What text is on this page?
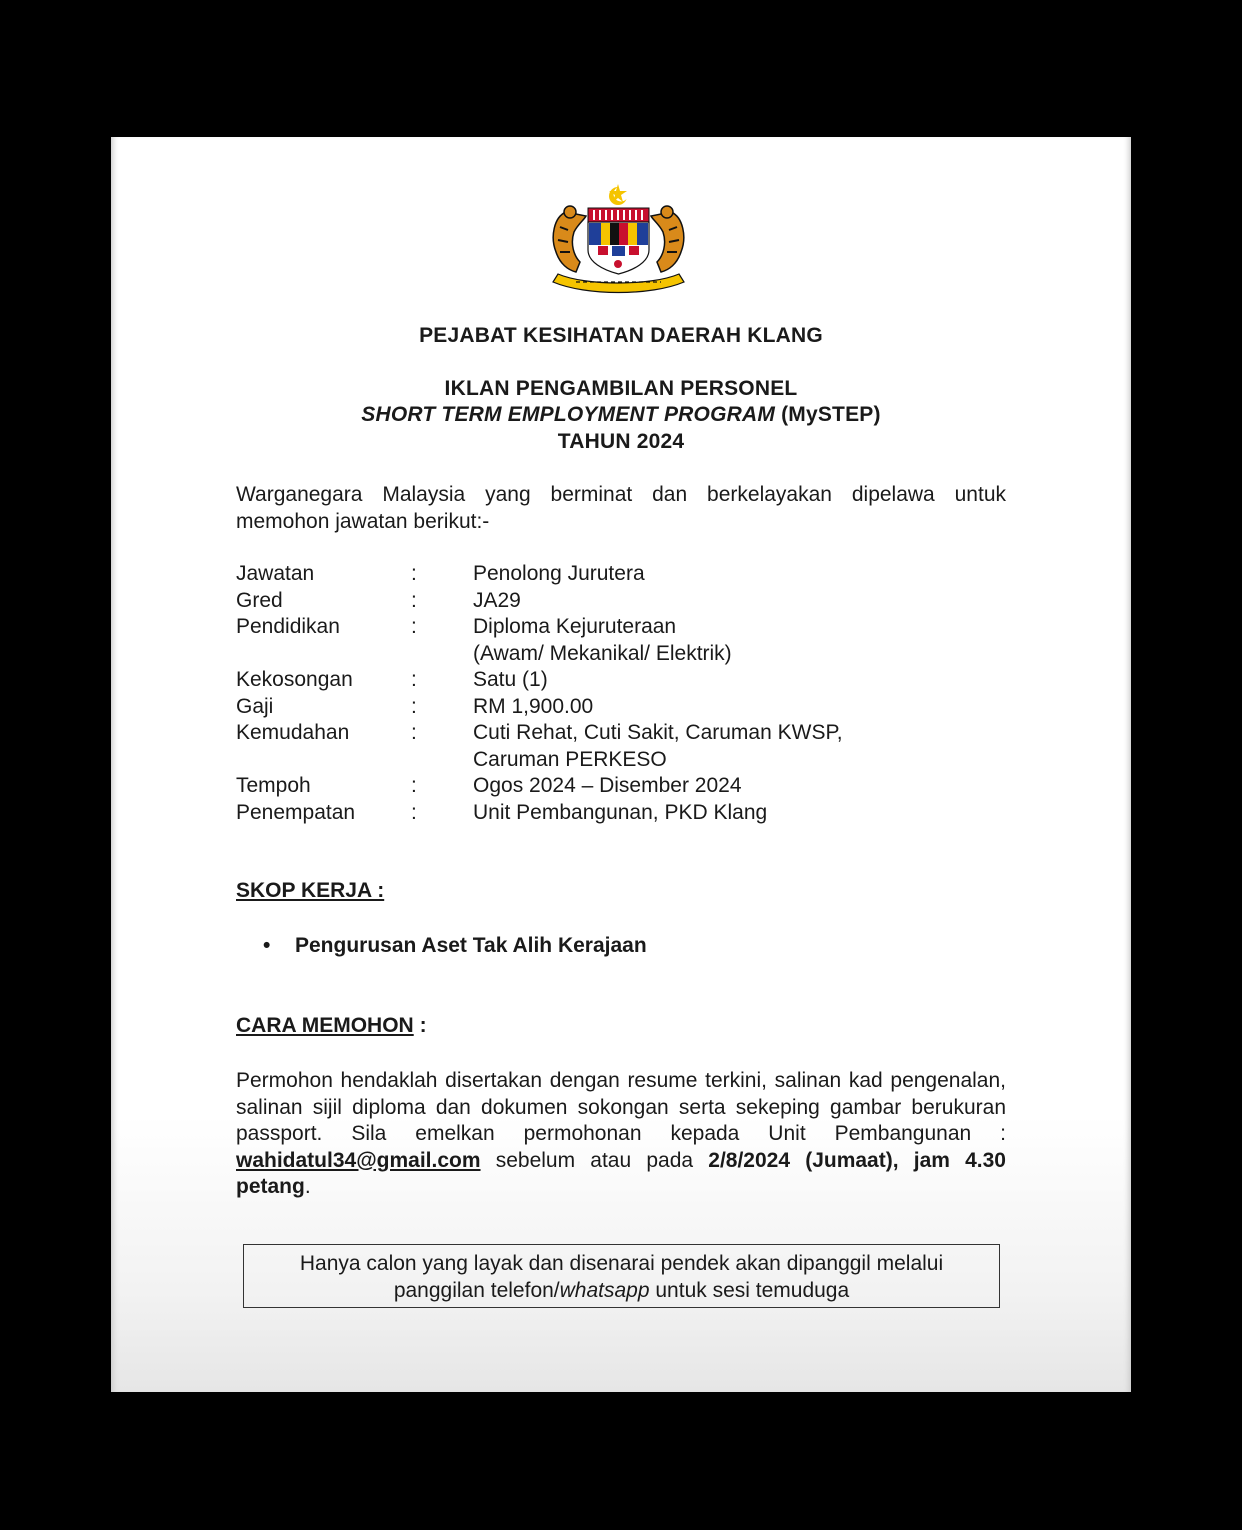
PEJABAT KESIHATAN DAERAH KLANG
IKLAN PENGAMBILAN PERSONEL
SHORT TERM EMPLOYMENT PROGRAM (MySTEP)
TAHUN 2024
Warganegara Malaysia yang berminat dan berkelayakan dipelawa untuk memohon jawatan berikut:-
Jawatan	:	Penolong Jurutera
Gred	:	JA29
Pendidikan	:	Diploma Kejuruteraan
(Awam/ Mekanikal/ Elektrik)
Kekosongan	:	Satu (1)
Gaji	:	RM 1,900.00
Kemudahan	:	Cuti Rehat, Cuti Sakit, Caruman KWSP,
Caruman PERKESO
Tempoh	:	Ogos 2024 – Disember 2024
Penempatan	:	Unit Pembangunan, PKD Klang
SKOP KERJA :
•	Pengurusan Aset Tak Alih Kerajaan
CARA MEMOHON :
Permohon hendaklah disertakan dengan resume terkini, salinan kad pengenalan, salinan sijil diploma dan dokumen sokongan serta sekeping gambar berukuran passport. Sila emelkan permohonan kepada Unit Pembangunan : wahidatul34@gmail.com sebelum atau pada 2/8/2024 (Jumaat), jam 4.30 petang.
Hanya calon yang layak dan disenarai pendek akan dipanggil melalui
panggilan telefon/whatsapp untuk sesi temuduga
